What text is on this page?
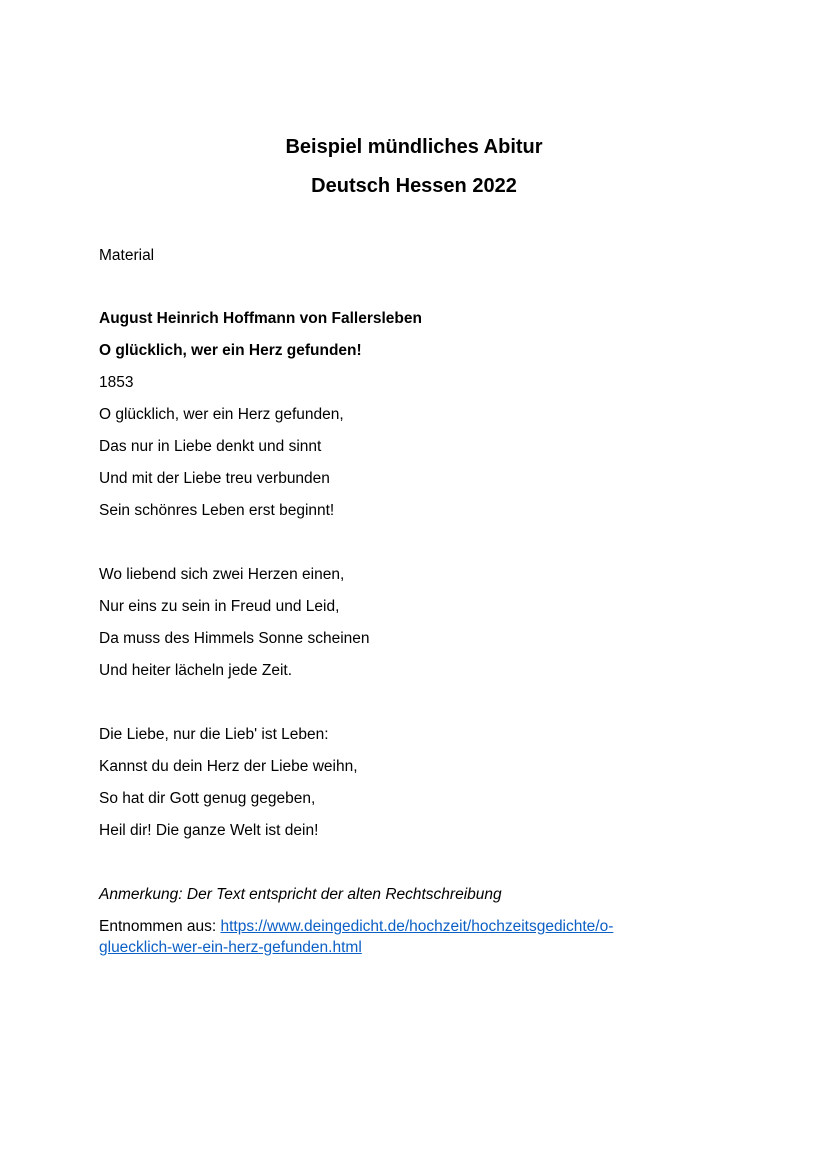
Beispiel mündliches Abitur
Deutsch Hessen 2022
Material
August Heinrich Hoffmann von Fallersleben
O glücklich, wer ein Herz gefunden!
1853
O glücklich, wer ein Herz gefunden,
Das nur in Liebe denkt und sinnt
Und mit der Liebe treu verbunden
Sein schönres Leben erst beginnt!
Wo liebend sich zwei Herzen einen,
Nur eins zu sein in Freud und Leid,
Da muss des Himmels Sonne scheinen
Und heiter lächeln jede Zeit.
Die Liebe, nur die Lieb' ist Leben:
Kannst du dein Herz der Liebe weihn,
So hat dir Gott genug gegeben,
Heil dir! Die ganze Welt ist dein!
Anmerkung: Der Text entspricht der alten Rechtschreibung
Entnommen aus: https://www.deingedicht.de/hochzeit/hochzeitsgedichte/o-
gluecklich-wer-ein-herz-gefunden.html
